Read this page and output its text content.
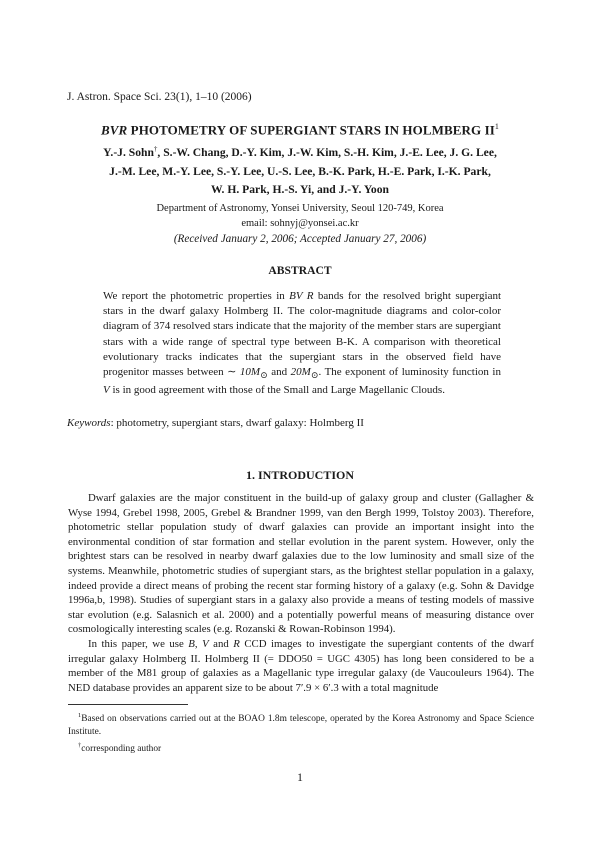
J. Astron. Space Sci. 23(1), 1–10 (2006)
BVR PHOTOMETRY OF SUPERGIANT STARS IN HOLMBERG $II^1$
Y.-J. Sohn†, S.-W. Chang, D.-Y. Kim, J.-W. Kim, S.-H. Kim, J.-E. Lee, J. G. Lee,
J.-M. Lee, M.-Y. Lee, S.-Y. Lee, U.-S. Lee, B.-K. Park, H.-E. Park, I.-K. Park,
W. H. Park, H.-S. Yi, and J.-Y. Yoon
Department of Astronomy, Yonsei University, Seoul 120-749, Korea
email: sohnyj@yonsei.ac.kr
(Received January 2, 2006; Accepted January 27, 2006)
ABSTRACT
We report the photometric properties in BV R bands for the resolved bright supergiant stars in the dwarf galaxy Holmberg II. The color-magnitude diagrams and color-color diagram of 374 resolved stars indicate that the majority of the member stars are supergiant stars with a wide range of spectral type between B-K. A comparison with theoretical evolutionary tracks indicates that the supergiant stars in the observed field have progenitor masses between ∼ $10M_⊙$ and $20M_⊙$. The exponent of luminosity function in V is in good agreement with those of the Small and Large Magellanic Clouds.
Keywords: photometry, supergiant stars, dwarf galaxy: Holmberg II
1. INTRODUCTION

Dwarf galaxies are the major constituent in the build-up of galaxy group and cluster (Gallagher & Wyse 1994, Grebel 1998, 2005, Grebel & Brandner 1999, van den Bergh 1999, Tolstoy 2003). Therefore, photometric stellar population study of dwarf galaxies can provide an important insight into the environmental condition of star formation and stellar evolution in the parent system. However, only the brightest stars can be resolved in nearby dwarf galaxies due to the low luminosity and small size of the systems. Meanwhile, photometric studies of supergiant stars, as the brightest stellar population in a galaxy, indeed provide a direct means of probing the recent star forming history of a galaxy (e.g. Sohn & Davidge 1996a,b, 1998). Studies of supergiant stars in a galaxy also provide a means of testing models of massive star evolution (e.g. Salasnich et al. 2000) and a potentially powerful means of measuring distance over cosmologically interesting scales (e.g. Rozanski & Rowan-Robinson 1994).

In this paper, we use B, V and R CCD images to investigate the supergiant contents of the dwarf irregular galaxy Holmberg II. Holmberg II (= DDO50 = UGC 4305) has long been considered to be a member of the M81 group of galaxies as a Magellanic type irregular galaxy (de Vaucouleurs 1964). The NED database provides an apparent size to be about 7′.9 × 6′.3 with a total magnitude

$^1$Based on observations carried out at the BOAO 1.8m telescope, operated by the Korea Astronomy and Space Science Institute.

†corresponding author

1
